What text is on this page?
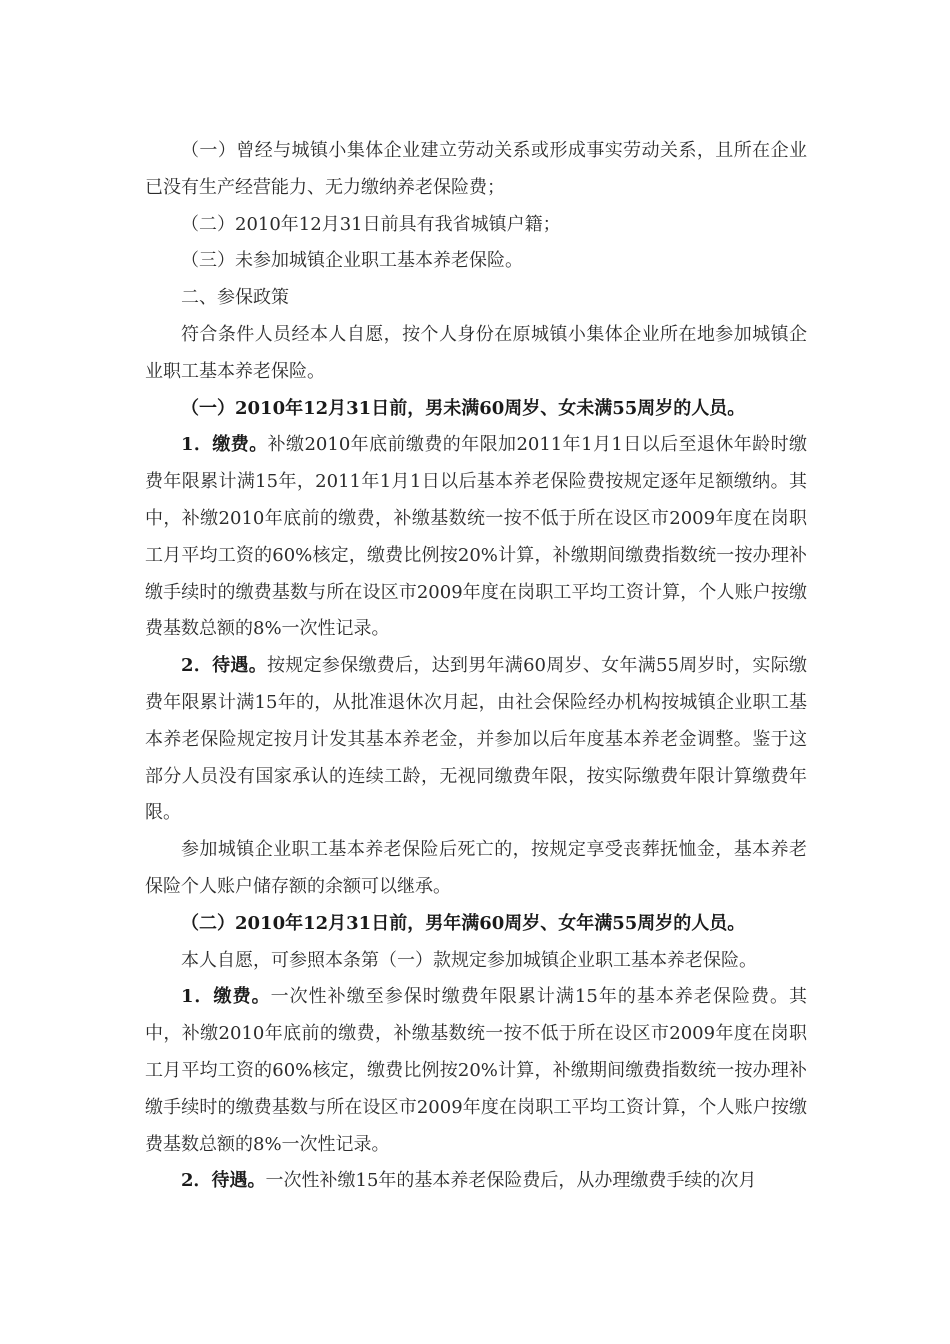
（一）曾经与城镇小集体企业建立劳动关系或形成事实劳动关系，且所在企业已没有生产经营能力、无力缴纳养老保险费；

（二）2010年12月31日前具有我省城镇户籍；

（三）未参加城镇企业职工基本养老保险。

二、参保政策

符合条件人员经本人自愿，按个人身份在原城镇小集体企业所在地参加城镇企业职工基本养老保险。

（一）2010年12月31日前，男未满60周岁、女未满55周岁的人员。

1．缴费。补缴2010年底前缴费的年限加2011年1月1日以后至退休年龄时缴费年限累计满15年，2011年1月1日以后基本养老保险费按规定逐年足额缴纳。其中，补缴2010年底前的缴费，补缴基数统一按不低于所在设区市2009年度在岗职工月平均工资的60%核定，缴费比例按20%计算，补缴期间缴费指数统一按办理补缴手续时的缴费基数与所在设区市2009年度在岗职工平均工资计算，个人账户按缴费基数总额的8%一次性记录。

2．待遇。按规定参保缴费后，达到男年满60周岁、女年满55周岁时，实际缴费年限累计满15年的，从批准退休次月起，由社会保险经办机构按城镇企业职工基本养老保险规定按月计发其基本养老金，并参加以后年度基本养老金调整。鉴于这部分人员没有国家承认的连续工龄，无视同缴费年限，按实际缴费年限计算缴费年限。

参加城镇企业职工基本养老保险后死亡的，按规定享受丧葬抚恤金，基本养老保险个人账户储存额的余额可以继承。

（二）2010年12月31日前，男年满60周岁、女年满55周岁的人员。

本人自愿，可参照本条第（一）款规定参加城镇企业职工基本养老保险。

1．缴费。一次性补缴至参保时缴费年限累计满15年的基本养老保险费。其中，补缴2010年底前的缴费，补缴基数统一按不低于所在设区市2009年度在岗职工月平均工资的60%核定，缴费比例按20%计算，补缴期间缴费指数统一按办理补缴手续时的缴费基数与所在设区市2009年度在岗职工平均工资计算，个人账户按缴费基数总额的8%一次性记录。

2．待遇。一次性补缴15年的基本养老保险费后，从办理缴费手续的次月
